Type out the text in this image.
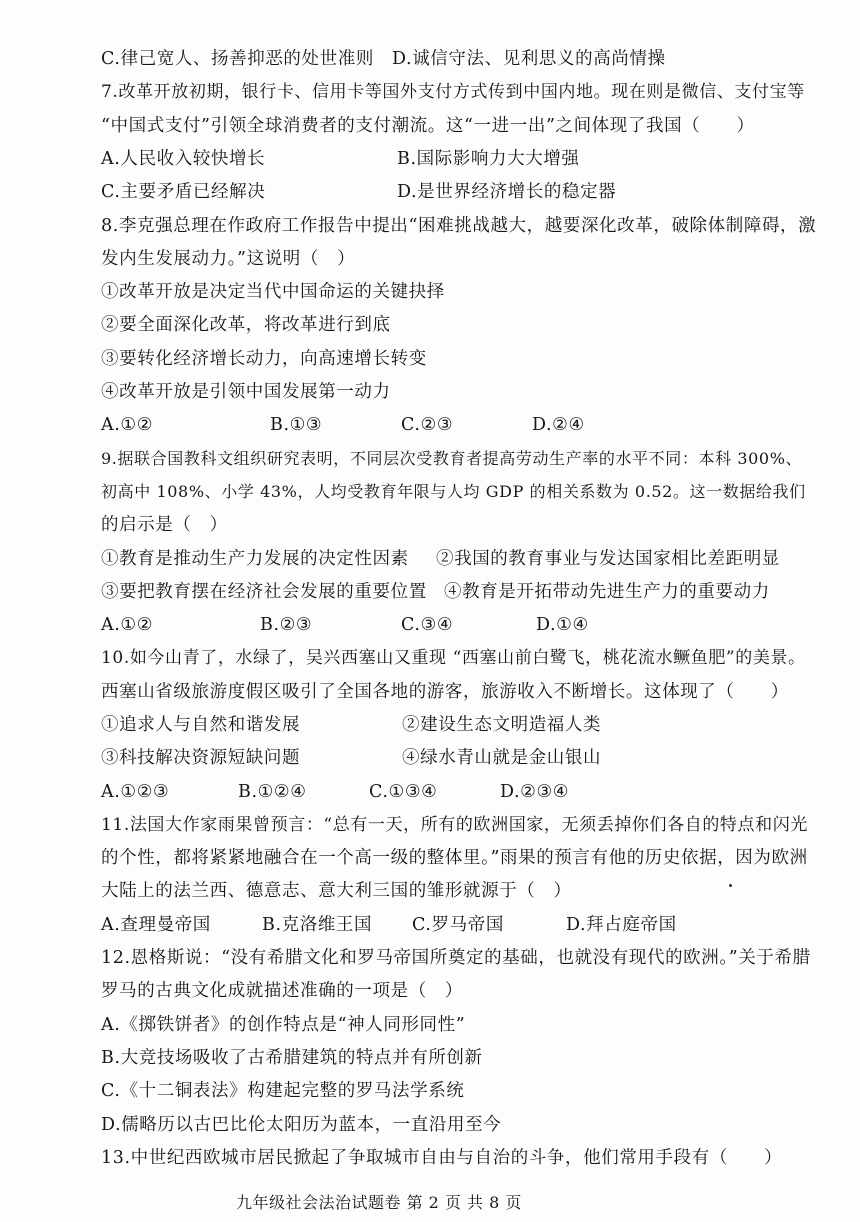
C.律己宽人、扬善抑恶的处世准则　D.诚信守法、见利思义的高尚情操
7.改革开放初期，银行卡、信用卡等国外支付方式传到中国内地。现在则是微信、支付宝等
“中国式支付”引领全球消费者的支付潮流。这“一进一出”之间体现了我国（　　）
A.人民收入较快增长	B.国际影响力大大增强
C.主要矛盾已经解决	D.是世界经济增长的稳定器
8.李克强总理在作政府工作报告中提出“困难挑战越大，越要深化改革，破除体制障碍，激
发内生发展动力。”这说明（　）
①改革开放是决定当代中国命运的关键抉择
②要全面深化改革，将改革进行到底
③要转化经济增长动力，向高速增长转变
④改革开放是引领中国发展第一动力
A.①②	B.①③	C.②③	D.②④
9.据联合国教科文组织研究表明，不同层次受教育者提高劳动生产率的水平不同：本科 300%、
初高中 108%、小学 43%，人均受教育年限与人均 GDP 的相关系数为 0.52。这一数据给我们
的启示是（　）
①教育是推动生产力发展的决定性因素 ②我国的教育事业与发达国家相比差距明显
③要把教育摆在经济社会发展的重要位置 ④教育是开拓带动先进生产力的重要动力
A.①②	B.②③	C.③④	D.①④
10.如今山青了，水绿了，吴兴西塞山又重现 “西塞山前白鹭飞，桃花流水鳜鱼肥”的美景。
西塞山省级旅游度假区吸引了全国各地的游客，旅游收入不断增长。这体现了（　　）
①追求人与自然和谐发展	②建设生态文明造福人类
③科技解决资源短缺问题	④绿水青山就是金山银山
A.①②③	B.①②④	C.①③④	D.②③④
11.法国大作家雨果曾预言：“总有一天，所有的欧洲国家，无须丢掉你们各自的特点和闪光
的个性，都将紧紧地融合在一个高一级的整体里。”雨果的预言有他的历史依据，因为欧洲
大陆上的法兰西、德意志、意大利三国的雏形就源于（　）
A.查理曼帝国	B.克洛维王国 C.罗马帝国	D.拜占庭帝国
12.恩格斯说：“没有希腊文化和罗马帝国所奠定的基础，也就没有现代的欧洲。”关于希腊
罗马的古典文化成就描述准确的一项是（　）
A.《掷铁饼者》的创作特点是“神人同形同性”
B.大竞技场吸收了古希腊建筑的特点并有所创新
C.《十二铜表法》构建起完整的罗马法学系统
D.儒略历以古巴比伦太阳历为蓝本，一直沿用至今
13.中世纪西欧城市居民掀起了争取城市自由与自治的斗争，他们常用手段有（　　）
九年级社会法治试题卷 第 2 页 共 8 页
